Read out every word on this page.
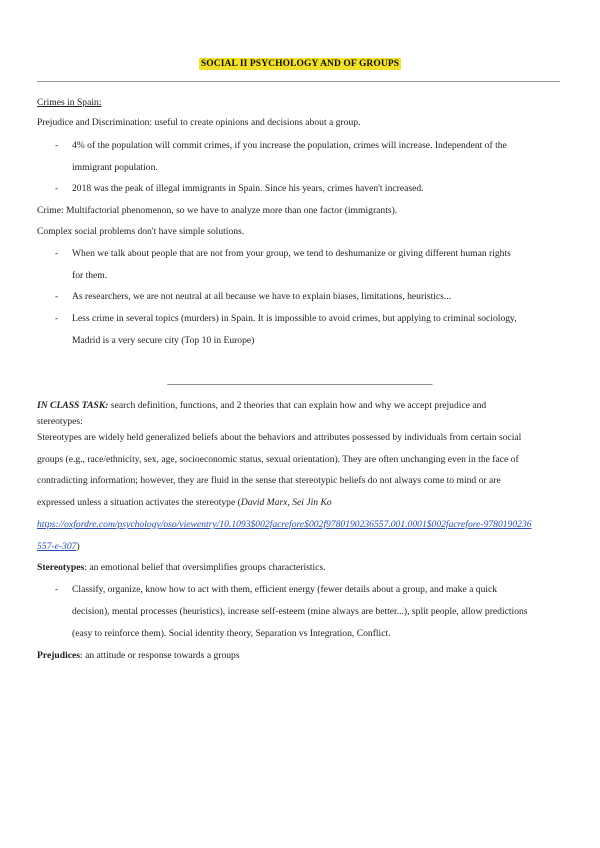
SOCIAL II PSYCHOLOGY AND OF GROUPS
Crimes in Spain:
Prejudice and Discrimination: useful to create opinions and decisions about a group.
- 4% of the population will commit crimes, if you increase the population, crimes will increase. Independent of the
immigrant population.
- 2018 was the peak of illegal immigrants in Spain. Since his years, crimes haven't increased.
Crime: Multifactorial phenomenon, so we have to analyze more than one factor (immigrants).
Complex social problems don't have simple solutions.
- When we talk about people that are not from your group, we tend to deshumanize or giving different human rights
for them.
- As researchers, we are not neutral at all because we have to explain biases, limitations, heuristics...
- Less crime in several topics (murders) in Spain. It is impossible to avoid crimes, but applying to criminal sociology,
Madrid is a very secure city (Top 10 in Europe)
——————————————————————————
IN CLASS TASK: search definition, functions, and 2 theories that can explain how and why we accept prejudice and
stereotypes:
Stereotypes are widely held generalized beliefs about the behaviors and attributes possessed by individuals from certain social
groups (e.g., race/ethnicity, sex, age, socioeconomic status, sexual orientation). They are often unchanging even in the face of
contradicting information; however, they are fluid in the sense that stereotypic beliefs do not always come to mind or are
expressed unless a situation activates the stereotype (David Marx, Sei Jin Ko
https://oxfordre.com/psychology/oso/viewentry/10.1093$002facrefore$002f9780190236557.001.0001$002facrefore-9780190236
557-e-307)
Stereotypes: an emotional belief that oversimplifies groups characteristics.
- Classify, organize, know how to act with them, efficient energy (fewer details about a group, and make a quick
decision), mental processes (heuristics), increase self-esteem (mine always are better...), split people, allow predictions
(easy to reinforce them). Social identity theory, Separation vs Integration, Conflict.
Prejudices: an attitude or response towards a groups
